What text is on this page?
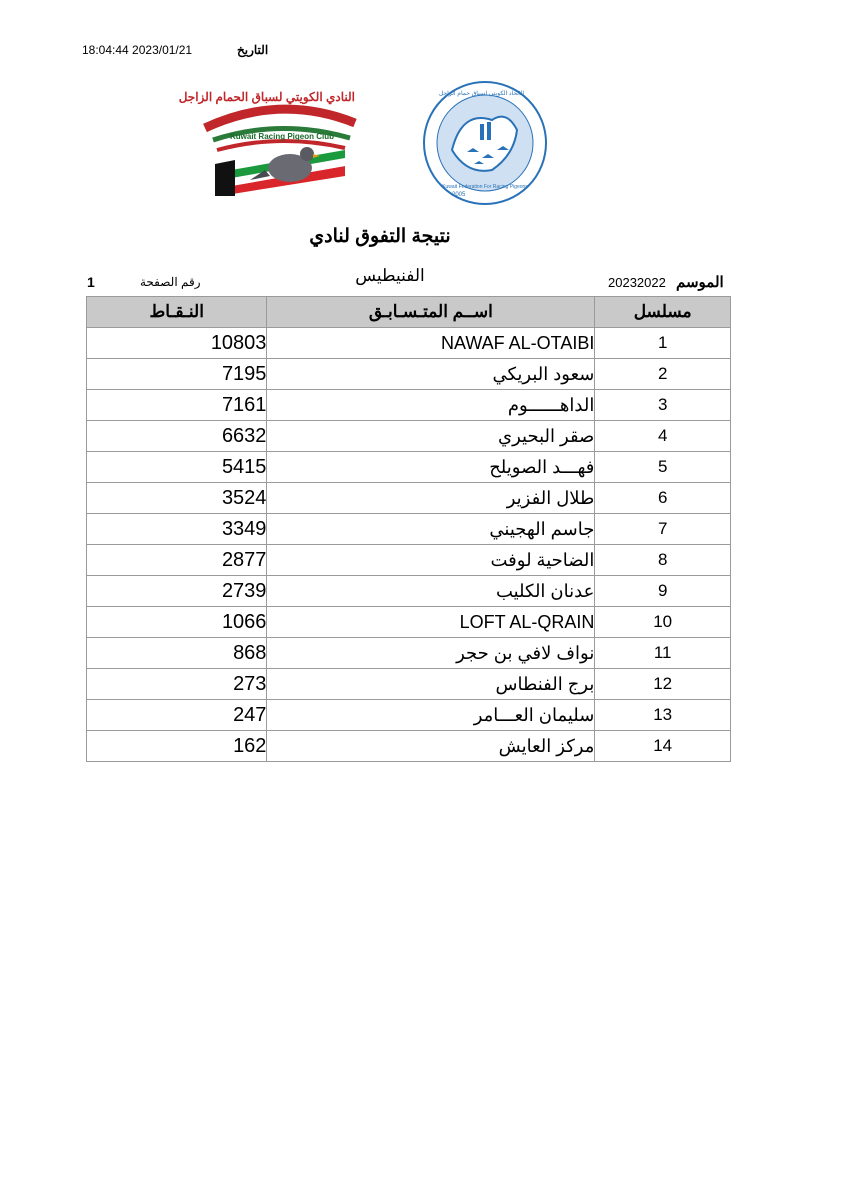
18:04:44 2023/01/21	التاريخ
النادي الكويتي لسباق الحمام الزاجل
Kuwait Racing Pigeon Club
الاتحاد الكويتي لسباق حمام الزاجل
Kuwait Federation For Racing Pigeons
2005
نتيجة التفوق لنادي
الفنيطيس
رقم الصفحة
1	الموسم
20232022
النـقـاط	اســم المتـسـابـق	مسلسل
10803	NAWAF AL-OTAIBI	1
7195	سعود البريكي	2
7161	الداهــــــوم	3
6632	صقر البحيري	4
5415	فهـــد الصويلح	5
3524	طلال الفزير	6
3349	جاسم الهجيني	7
2877	الضاحية لوفت	8
2739	عدنان الكليب	9
1066	LOFT AL-QRAIN	10
868	نواف لافي بن حجر	11
273	برج الفنطاس	12
247	سليمان العـــامر	13
162	مركز العايش	14
